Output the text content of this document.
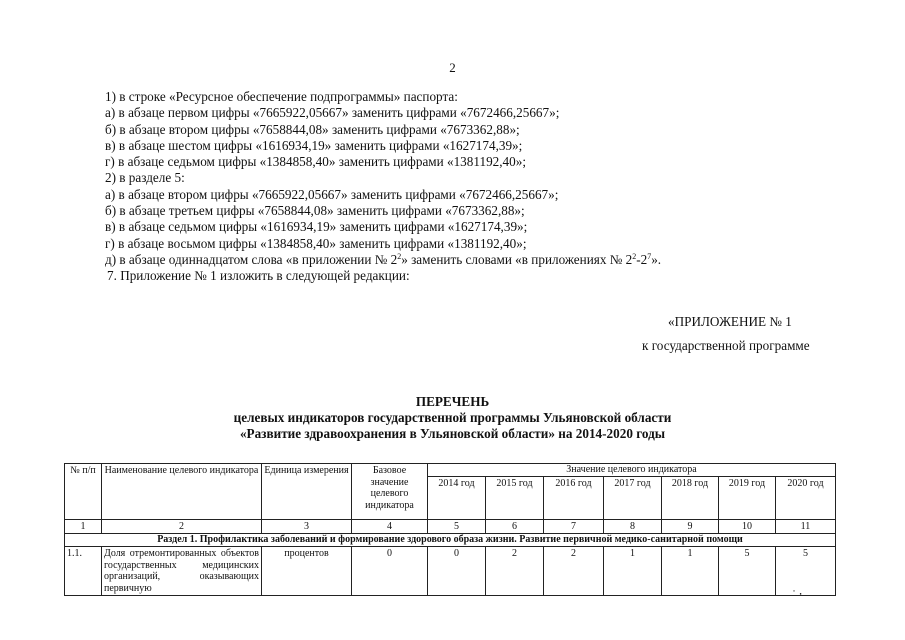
2
1) в строке «Ресурсное обеспечение подпрограммы» паспорта:
а) в абзаце первом цифры «7665922,05667» заменить цифрами «7672466,25667»;
б) в абзаце втором цифры «7658844,08» заменить цифрами «7673362,88»;
в) в абзаце шестом цифры «1616934,19» заменить цифрами «1627174,39»;
г) в абзаце седьмом цифры «1384858,40» заменить цифрами «1381192,40»;
2) в разделе 5:
а) в абзаце втором цифры «7665922,05667» заменить цифрами «7672466,25667»;
б) в абзаце третьем цифры «7658844,08» заменить цифрами «7673362,88»;
в) в абзаце седьмом цифры «1616934,19» заменить цифрами «1627174,39»;
г) в абзаце восьмом цифры «1384858,40» заменить цифрами «1381192,40»;
д) в абзаце одиннадцатом слова «в приложении № $2^2$» заменить словами «в приложениях № $2^2-2^7$».
7. Приложение № 1 изложить в следующей редакции:
«ПРИЛОЖЕНИЕ № 1
к государственной программе
ПЕРЕЧЕНЬ
целевых индикаторов государственной программы Ульяновской области
«Развитие здравоохранения в Ульяновской области» на 2014-2020 годы
№ п/п	Наименование целевого индикатора	Единица измерения	Базовое значение целевого индикатора	Значение целевого индикатора						
				2014 год	2015 год	2016 год	2017 год	2018 год	2019 год	2020 год
1	2	3	4	5	6	7	8	9	10	11
Раздел 1. Профилактика заболеваний и формирование здорового образа жизни. Развитие первичной медико-санитарной помощи										
1.1.	Доля отремонтированных объектов государственных медицинских организаций, оказывающих первичную	процентов	0	0	2	2	1	1	5	5
˙ ⸱
